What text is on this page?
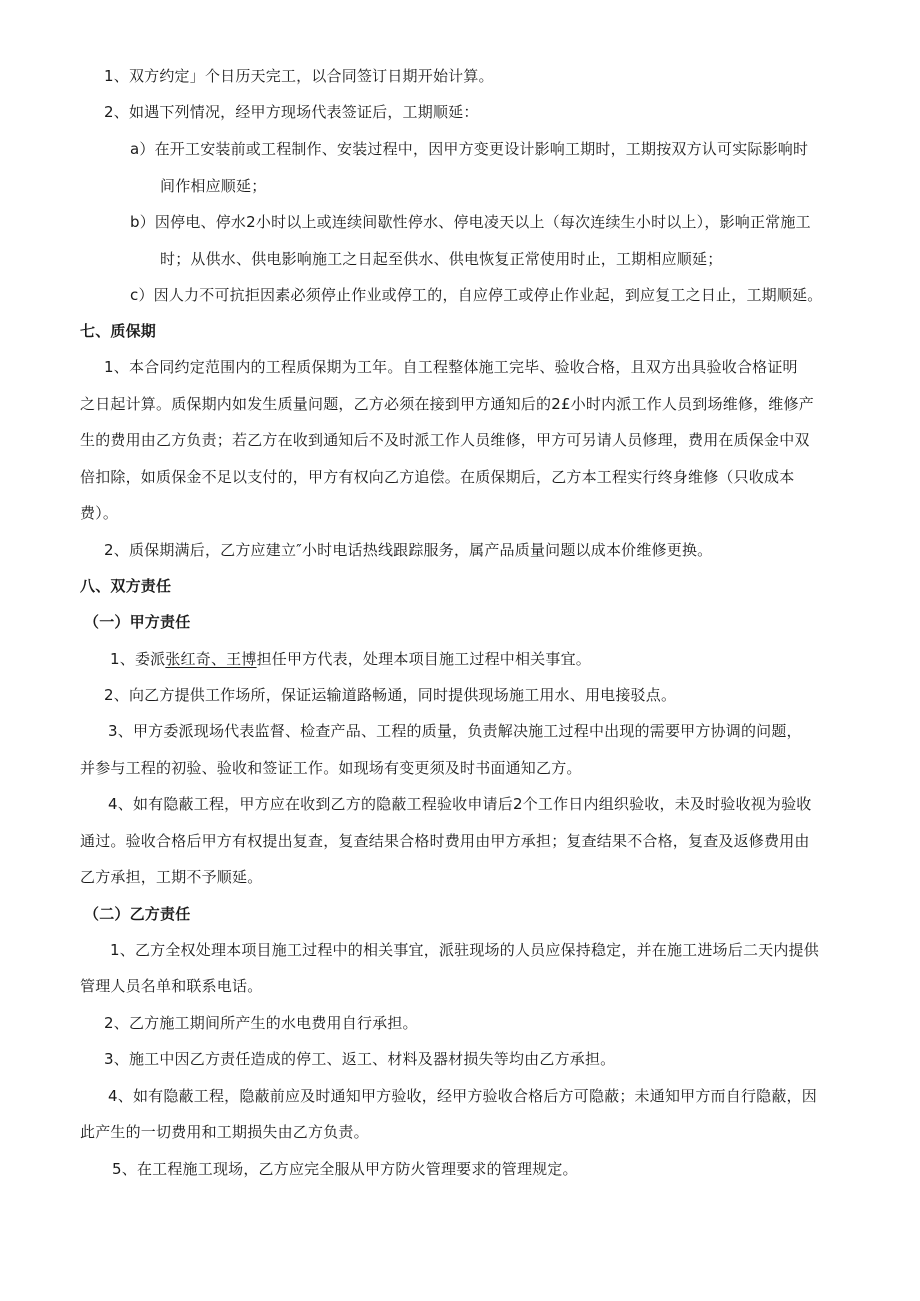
1、双方约定」个日历天完工，以合同签订日期开始计算。
2、如遇下列情况，经甲方现场代表签证后，工期顺延：
a）在开工安装前或工程制作、安装过程中，因甲方变更设计影响工期时，工期按双方认可实际影响时
间作相应顺延；
b）因停电、停水2小时以上或连续间歇性停水、停电凌天以上（每次连续生小时以上），影响正常施工
时；从供水、供电影响施工之日起至供水、供电恢复正常使用时止，工期相应顺延；
c）因人力不可抗拒因素必须停止作业或停工的，自应停工或停止作业起，到应复工之日止，工期顺延。
七、质保期
1、本合同约定范围内的工程质保期为工年。自工程整体施工完毕、验收合格，且双方出具验收合格证明
之日起计算。质保期内如发生质量问题，乙方必须在接到甲方通知后的2£小时内派工作人员到场维修，维修产
生的费用由乙方负责；若乙方在收到通知后不及时派工作人员维修，甲方可另请人员修理，费用在质保金中双
倍扣除，如质保金不足以支付的，甲方有权向乙方追偿。在质保期后，乙方本工程实行终身维修（只收成本
费）。
2、质保期满后，乙方应建立″小时电话热线跟踪服务，属产品质量问题以成本价维修更换。
八、双方责任
（一）甲方责任
1、委派张红奇、王博担任甲方代表，处理本项目施工过程中相关事宜。
2、向乙方提供工作场所，保证运输道路畅通，同时提供现场施工用水、用电接驳点。
3、甲方委派现场代表监督、检查产品、工程的质量，负责解决施工过程中出现的需要甲方协调的问题，
并参与工程的初验、验收和签证工作。如现场有变更须及时书面通知乙方。
4、如有隐蔽工程，甲方应在收到乙方的隐蔽工程验收申请后2个工作日内组织验收，未及时验收视为验收
通过。验收合格后甲方有权提出复查，复查结果合格时费用由甲方承担；复查结果不合格，复查及返修费用由
乙方承担，工期不予顺延。
（二）乙方责任
1、乙方全权处理本项目施工过程中的相关事宜，派驻现场的人员应保持稳定，并在施工进场后二天内提供
管理人员名单和联系电话。
2、乙方施工期间所产生的水电费用自行承担。
3、施工中因乙方责任造成的停工、返工、材料及器材损失等均由乙方承担。
4、如有隐蔽工程，隐蔽前应及时通知甲方验收，经甲方验收合格后方可隐蔽；未通知甲方而自行隐蔽，因
此产生的一切费用和工期损失由乙方负责。
5、在工程施工现场，乙方应完全服从甲方防火管理要求的管理规定。
